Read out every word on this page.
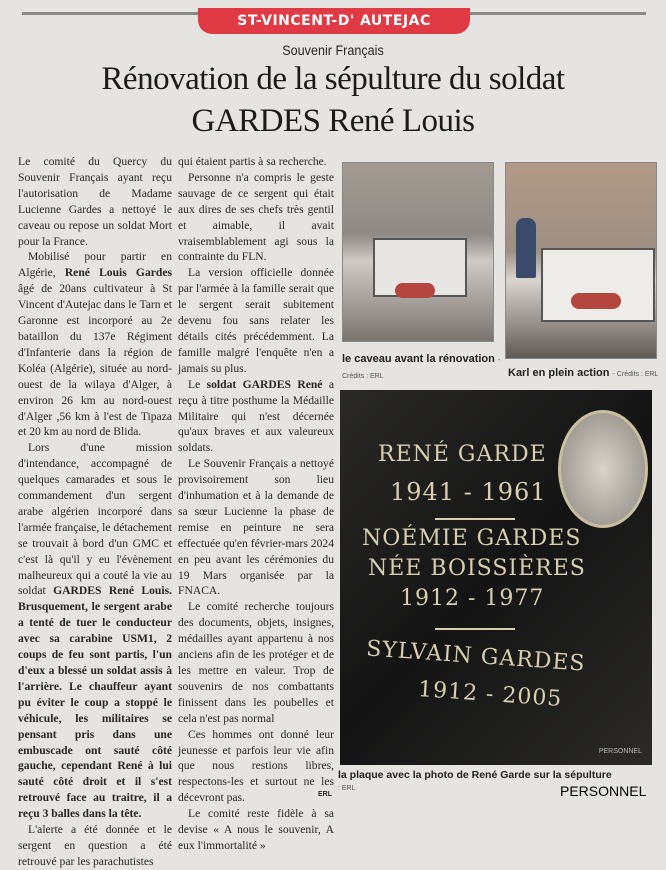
ST-VINCENT-D' AUTEJAC
Souvenir Français
Rénovation de la sépulture du soldat
GARDES René Louis

Le comité du Quercy du Souvenir Français ayant reçu l'autorisation de Madame Lucienne Gardes a nettoyé le caveau ou repose un soldat Mort pour la France.

Mobilisé pour partir en Algérie, René Louis Gardes âgé de 20ans cultivateur à St Vincent d'Autejac dans le Tarn et Garonne est incorporé au 2e bataillon du 137e Régiment d'Infanterie dans la région de Koléa (Algérie), située au nord-ouest de la wilaya d'Alger, à environ 26 km au nord-ouest d'Alger ,56 km à l'est de Tipaza et 20 km au nord de Blida.

Lors d'une mission d'intendance, accompagné de quelques camarades et sous le commandement d'un sergent arabe algérien incorporé dans l'armée française, le détachement se trouvait à bord d'un GMC et c'est là qu'il y eu l'évènement malheureux qui a couté la vie au soldat GARDES René Louis. Brusquement, le sergent arabe a tenté de tuer le conducteur avec sa carabine USM1, 2 coups de feu sont partis, l'un d'eux a blessé un soldat assis à l'arrière. Le chauffeur ayant pu éviter le coup a stoppé le véhicule, les militaires se pensant pris dans une embuscade ont sauté côté gauche, cependant René à lui sauté côté droit et il s'est retrouvé face au traitre, il a reçu 3 balles dans la tête.

L'alerte a été donnée et le sergent en question a été retrouvé par les parachutistes

qui étaient partis à sa recherche.

Personne n'a compris le geste sauvage de ce sergent qui était aux dires de ses chefs très gentil et aimable, il avait vraisemblablement agi sous la contrainte du FLN.

La version officielle donnée par l'armée à la famille serait que le sergent serait subitement devenu fou sans relater les détails cités précédemment. La famille malgré l'enquête n'en a jamais su plus.

Le soldat GARDES René a reçu à titre posthume la Médaille Militaire qui n'est décernée qu'aux braves et aux valeureux soldats.

Le Souvenir Français a nettoyé provisoirement son lieu d'inhumation et à la demande de sa sœur Lucienne la phase de remise en peinture ne sera effectuée qu'en février-mars 2024 en peu avant les cérémonies du 19 Mars organisée par la FNACA.

Le comité recherche toujours des documents, objets, insignes, médailles ayant appartenu à nos anciens afin de les protéger et de les mettre en valeur. Trop de souvenirs de nos combattants finissent dans les poubelles et cela n'est pas normal

Ces hommes ont donné leur jeunesse et parfois leur vie afin que nous restions libres, respectons-les et surtout ne les décevront pas.

Le comité reste fidèle à sa devise « A nous le souvenir, A eux l'immortalité »

ERL
le caveau avant la rénovation - Crédits : ERL	Karl en plein action - Crédits : ERL
RENÉ GARDE
1941 - 1961
NOÉMIE GARDES
NÉE BOISSIÈRES
1912 - 1977
SYLVAIN GARDES
1912 - 2005
PERSONNEL
la plaque avec la photo de René Garde sur la sépulture
: ERL	PERSONNEL
